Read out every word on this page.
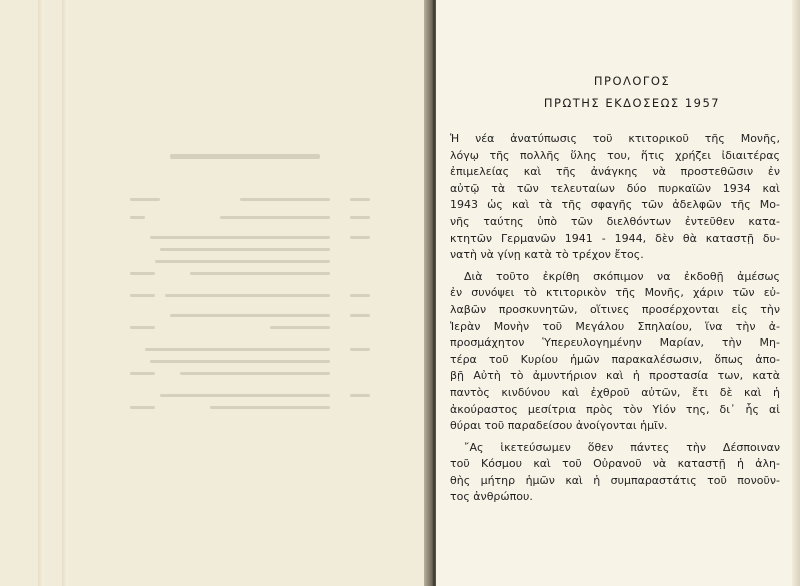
ΠΡΟΛΟΓΟΣ
ΠΡΩΤΗΣ ΕΚΔΟΣΕΩΣ 1957
Ἡ νέα ἀνατύπωσις τοῦ κτιτορικοῦ τῆς Μονῆς,
λόγῳ τῆς πολλῆς ὕλης του, ἥτις χρήζει ἰδιαιτέρας
ἐπιμελείας καὶ τῆς ἀνάγκης νὰ προστεθῶσιν ἐν
αὐτῷ τὰ τῶν τελευταίων δύο πυρκαϊῶν 1934 καὶ
1943 ὡς καὶ τὰ τῆς σφαγῆς τῶν ἀδελφῶν τῆς Μο-
νῆς ταύτης ὑπὸ τῶν διελθόντων ἐντεῦθεν κατα-
κτητῶν Γερμανῶν 1941 - 1944, δὲν θὰ καταστῇ δυ-
νατὴ νὰ γίνῃ κατὰ τὸ τρέχον ἔτος.
Διὰ τοῦτο ἐκρίθη σκόπιμον να ἐκδοθῇ ἀμέσως
ἐν συνόψει τὸ κτιτορικὸν τῆς Μονῆς, χάριν τῶν εὐ-
λαβῶν προσκυνητῶν, οἵτινες προσέρχονται εἰς τὴν
Ἱερὰν Μονὴν τοῦ Μεγάλου Σπηλαίου, ἵνα τὴν ἀ-
προσμάχητον Ὑπερευλογημένην Μαρίαν, τὴν Μη-
τέρα τοῦ Κυρίου ἡμῶν παρακαλέσωσιν, ὅπως ἀπο-
βῇ Αὐτὴ τὸ ἀμυντήριον καὶ ἡ προστασία των, κατὰ
παντὸς κινδύνου καὶ ἐχθροῦ αὐτῶν, ἔτι δὲ καὶ ἡ
ἀκούραστος μεσίτρια πρὸς τὸν Υἱόν της, δι᾽ ἧς αἱ
θύραι τοῦ παραδείσου ἀνοίγονται ἡμῖν.
῎Ας ἱκετεύσωμεν ὅθεν πάντες τὴν Δέσποιναν
τοῦ Κόσμου καὶ τοῦ Οὐρανοῦ νὰ καταστῇ ἡ ἀλη-
θὴς μήτηρ ἡμῶν καὶ ἡ συμπαραστάτις τοῦ πονοῦν-
τος ἀνθρώπου.
